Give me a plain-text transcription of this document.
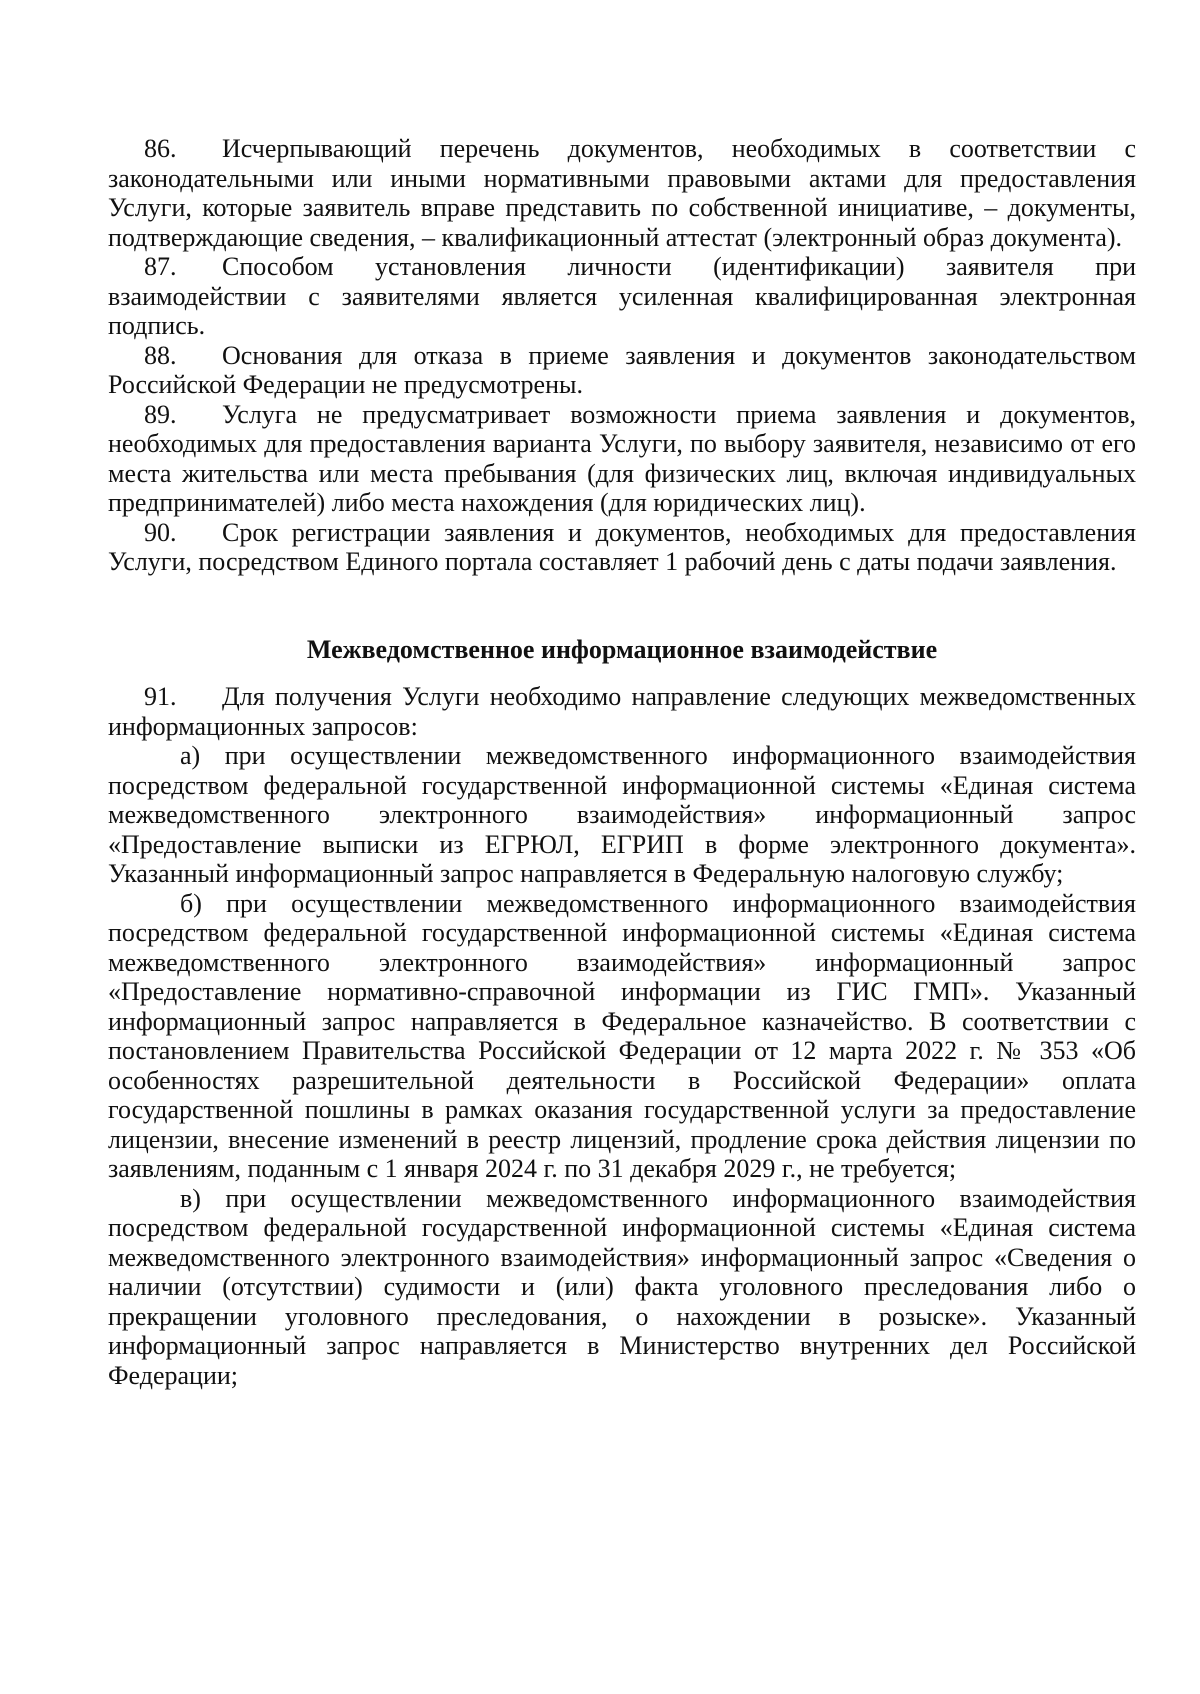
86. Исчерпывающий перечень документов, необходимых в соответствии с законодательными или иными нормативными правовыми актами для предоставления Услуги, которые заявитель вправе представить по собственной инициативе, – документы, подтверждающие сведения, – квалификационный аттестат (электронный образ документа).

87. Способом установления личности (идентификации) заявителя при взаимодействии с заявителями является усиленная квалифицированная электронная подпись.

88. Основания для отказа в приеме заявления и документов законодательством Российской Федерации не предусмотрены.

89. Услуга не предусматривает возможности приема заявления и документов, необходимых для предоставления варианта Услуги, по выбору заявителя, независимо от его места жительства или места пребывания (для физических лиц, включая индивидуальных предпринимателей) либо места нахождения (для юридических лиц).

90. Срок регистрации заявления и документов, необходимых для предоставления Услуги, посредством Единого портала составляет 1 рабочий день с даты подачи заявления.

Межведомственное информационное взаимодействие

91. Для получения Услуги необходимо направление следующих межведомственных информационных запросов:

а) при осуществлении межведомственного информационного взаимодействия посредством федеральной государственной информационной системы «Единая система межведомственного электронного взаимодействия» информационный запрос «Предоставление выписки из ЕГРЮЛ, ЕГРИП в форме электронного документа». Указанный информационный запрос направляется в Федеральную налоговую службу;

б) при осуществлении межведомственного информационного взаимодействия посредством федеральной государственной информационной системы «Единая система межведомственного электронного взаимодействия» информационный запрос «Предоставление нормативно-справочной информации из ГИС ГМП». Указанный информационный запрос направляется в Федеральное казначейство. В соответствии с постановлением Правительства Российской Федерации от 12 марта 2022 г. № 353 «Об особенностях разрешительной деятельности в Российской Федерации» оплата государственной пошлины в рамках оказания государственной услуги за предоставление лицензии, внесение изменений в реестр лицензий, продление срока действия лицензии по заявлениям, поданным с 1 января 2024 г. по 31 декабря 2029 г., не требуется;

в) при осуществлении межведомственного информационного взаимодействия посредством федеральной государственной информационной системы «Единая система межведомственного электронного взаимодействия» информационный запрос «Сведения о наличии (отсутствии) судимости и (или) факта уголовного преследования либо о прекращении уголовного преследования, о нахождении в розыске». Указанный информационный запрос направляется в Министерство внутренних дел Российской Федерации;
